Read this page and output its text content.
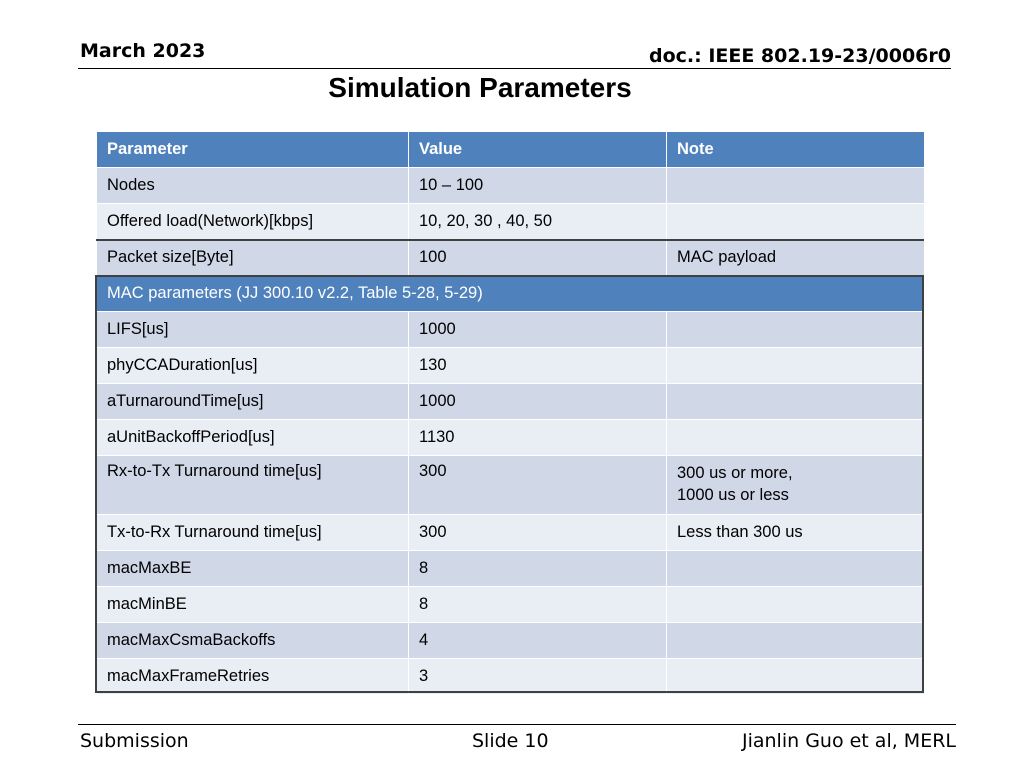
March 2023	doc.: IEEE 802.19-23/0006r0
Simulation Parameters
Parameter	Value	Note
Nodes	10 – 100	
Offered load(Network)[kbps]	10, 20, 30 , 40, 50	
Packet size[Byte]	100	MAC payload
MAC parameters (JJ 300.10 v2.2, Table 5-28, 5-29)		
LIFS[us]	1000	
phyCCADuration[us]	130	
aTurnaroundTime[us]	1000	
aUnitBackoffPeriod[us]	1130	
Rx-to-Tx Turnaround time[us]	300	300 us or more,
1000 us or less

Tx-to-Rx Turnaround time[us]	300	Less than 300 us
macMaxBE	8	
macMinBE	8	
macMaxCsmaBackoffs	4	
macMaxFrameRetries	3	
Submission	Slide 10	Jianlin Guo et al, MERL
